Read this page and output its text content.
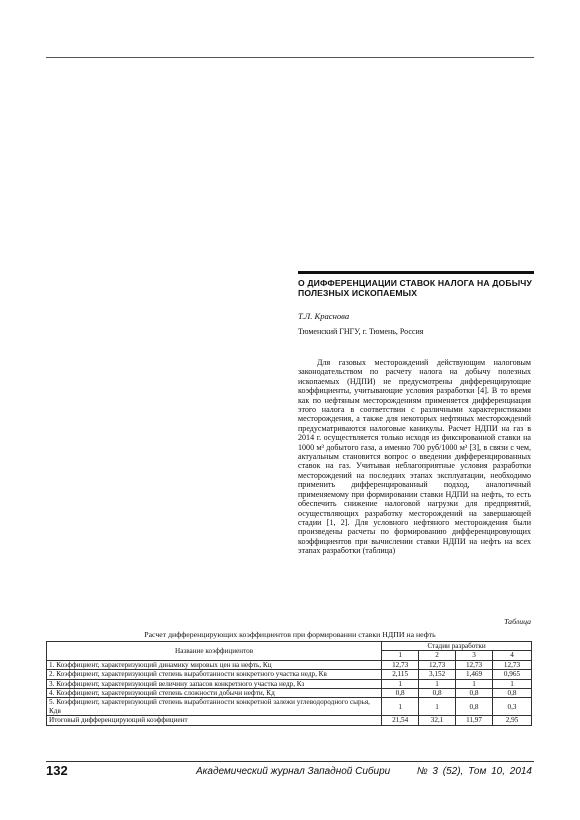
О ДИФФЕРЕНЦИАЦИИ СТАВОК НАЛОГА НА ДОБЫЧУ ПОЛЕЗНЫХ ИСКОПАЕМЫХ
Т.Л. Краснова
Тюменский ГНГУ, г. Тюмень, Россия
Для газовых месторождений действующим налоговым законодательством по расчету налога на добычу полезных ископаемых (НДПИ) не предусмотрены дифференцирующие коэффициенты, учитывающие условия разработки [4]. В то время как по нефтяным месторождениям применяется дифференциация этого налога в соответствии с различными характеристиками месторождения, а также для некоторых нефтяных месторождений предусматриваются налоговые каникулы. Расчет НДПИ на газ в 2014 г. осуществляется только исходя из фиксированной ставки на 1000 м³ добытого газа, а именно 700 руб/1000 м³ [3], в связи с чем, актуальным становится вопрос о введении дифференцированных ставок на газ. Учитывая неблагоприятные условия разработки месторождений на последних этапах эксплуатации, необходимо применить дифференцированный подход, аналогичный применяемому при формировании ставки НДПИ на нефть, то есть обеспечить снижение налоговой нагрузки для предприятий, осуществляющих разработку месторождений на завершающей стадии [1, 2]. Для условного нефтяного месторождения были произведены расчеты по формированию дифференцировующих коэффициентов при вычислении ставки НДПИ на нефть на всех этапах разработки (таблица)
Таблица
Расчет дифференцирующих коэффициентов при формировании ставки НДПИ на нефть
Название коэффициентов	Стадии разработки			
	1	2	3	4
1. Коэффициент, характеризующий динамику мировых цен на нефть, Кц	12,73	12,73	12,73	12,73
2. Коэффициент, характеризующий степень выработанности конкретного участка недр, Кв	2,115	3,152	1,469	0,965
3. Коэффициент, характеризующий величину запасов конкретного участка недр, Кз	1	1	1	1
4. Коэффициент, характеризующий степень сложности добычи нефти, Кд	0,8	0,8	0,8	0,8
5. Коэффициент, характеризующий степень выработанности конкретной залежи углеводородного сырья, Кдв	1	1	0,8	0,3
Итоговый дифференцирующий коэффициент	21,54	32,1	11,97	2,95
132	Академический журнал Западной Сибири	№ 3 (52), Том 10, 2014
